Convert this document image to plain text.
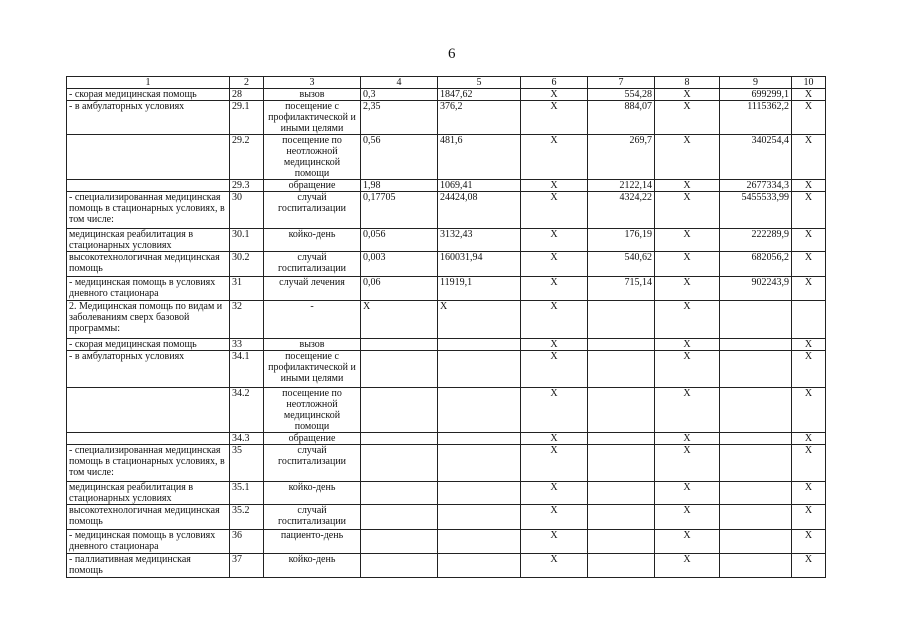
6
1	2	3	4	5	6	7	8	9	10
- скорая медицинская помощь	28	вызов	0,3	1847,62	X	554,28	X	699299,1	X
- в амбулаторных условиях	29.1	посещение с профилактической и иными целями	2,35	376,2	X	884,07	X	1115362,2	X
	29.2	посещение по неотложной медицинской помощи	0,56	481,6	X	269,7	X	340254,4	X
	29.3	обращение	1,98	1069,41	X	2122,14	X	2677334,3	X
- специализированная медицинская помощь в стационарных условиях, в том числе:	30	случай госпитализации	0,17705	24424,08	X	4324,22	X	5455533,99	X
медицинская реабилитация в стационарных условиях	30.1	койко-день	0,056	3132,43	X	176,19	X	222289,9	X
высокотехнологичная медицинская помощь	30.2	случай госпитализации	0,003	160031,94	X	540,62	X	682056,2	X
- медицинская помощь в условиях дневного стационара	31	случай лечения	0,06	11919,1	X	715,14	X	902243,9	X
2. Медицинская помощь по видам и заболеваниям сверх базовой программы:	32	-	X	X	X		X		
- скорая медицинская помощь	33	вызов			X		X		X
- в амбулаторных условиях	34.1	посещение с профилактической и иными целями			X		X		X
	34.2	посещение по неотложной медицинской помощи			X		X		X
	34.3	обращение			X		X		X
- специализированная медицинская помощь в стационарных условиях, в том числе:	35	случай госпитализации			X		X		X
медицинская реабилитация в стационарных условиях	35.1	койко-день			X		X		X
высокотехнологичная медицинская помощь	35.2	случай госпитализации			X		X		X
- медицинская помощь в условиях дневного стационара	36	пациенто-день			X		X		X
- паллиативная медицинская помощь	37	койко-день			X		X		X
